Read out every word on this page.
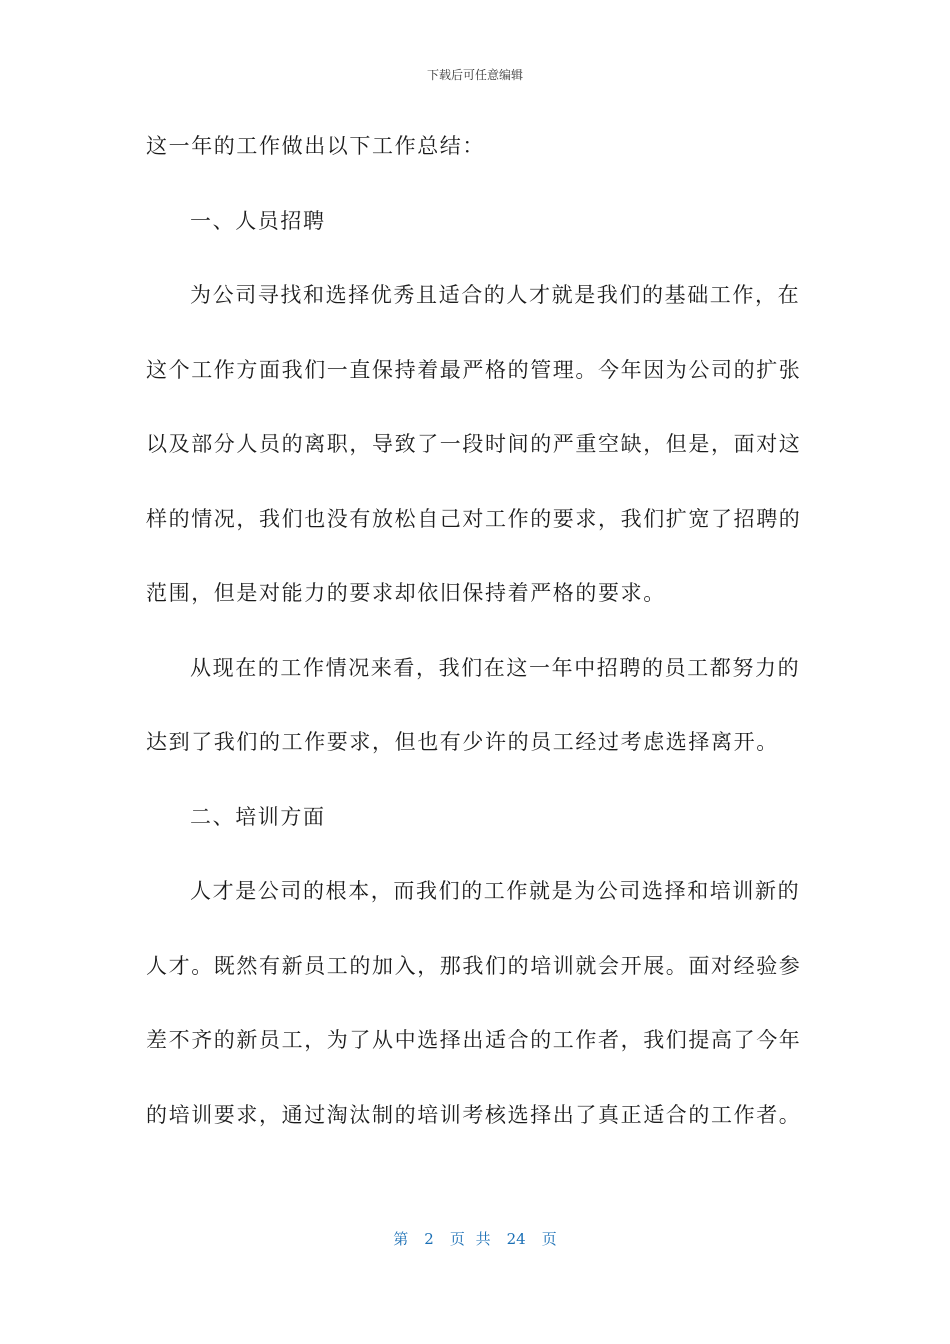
下载后可任意编辑
这一年的工作做出以下工作总结：
一、人员招聘
为公司寻找和选择优秀且适合的人才就是我们的基础工作，在
这个工作方面我们一直保持着最严格的管理。今年因为公司的扩张
以及部分人员的离职，导致了一段时间的严重空缺，但是，面对这
样的情况，我们也没有放松自己对工作的要求，我们扩宽了招聘的
范围，但是对能力的要求却依旧保持着严格的要求。
从现在的工作情况来看，我们在这一年中招聘的员工都努力的
达到了我们的工作要求，但也有少许的员工经过考虑选择离开。
二、培训方面
人才是公司的根本，而我们的工作就是为公司选择和培训新的
人才。既然有新员工的加入，那我们的培训就会开展。面对经验参
差不齐的新员工，为了从中选择出适合的工作者，我们提高了今年
的培训要求，通过淘汰制的培训考核选择出了真正适合的工作者。
第 2 页 共 24 页
